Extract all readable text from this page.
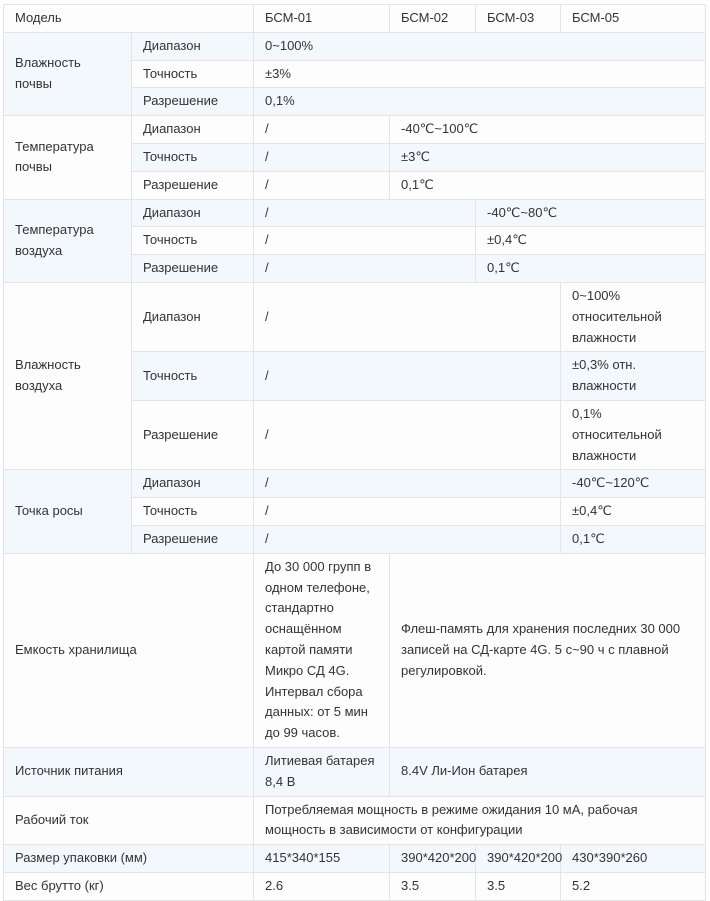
Модель		БСМ-01	БСМ-02	БСМ-03	БСМ-05
Влажность почвы	Диапазон	0~100%			
	Точность	±3%			
	Разрешение	0,1%			
Температура почвы	Диапазон	/	-40℃~100℃		
	Точность	/	±3℃		
	Разрешение	/	0,1℃		
Температура воздуха	Диапазон	/		-40℃~80℃	
	Точность	/		±0,4℃	
	Разрешение	/		0,1℃	
Влажность воздуха	Диапазон	/			0~100% относительной влажности
	Точность	/			±0,3% отн. влажности
	Разрешение	/			0,1% относительной влажности
Точка росы	Диапазон	/			-40℃~120℃
	Точность	/			±0,4℃
	Разрешение	/			0,1℃
Емкость хранилища		До 30 000 групп в одном телефоне, стандартно оснащённом картой памяти Микро СД 4G. Интервал сбора данных: от 5 мин до 99 часов.	Флеш-память для хранения последних 30 000 записей на СД-карте 4G. 5 с~90 ч с плавной регулировкой.		
Источник питания		Литиевая батарея 8,4 В	8.4V Ли-Ион батарея		
Рабочий ток		Потребляемая мощность в режиме ожидания 10 мА, рабочая мощность в зависимости от конфигурации			
Размер упаковки (мм)		415*340*155	390*420*200	390*420*200	430*390*260
Вес брутто (кг)		2.6	3.5	3.5	5.2
